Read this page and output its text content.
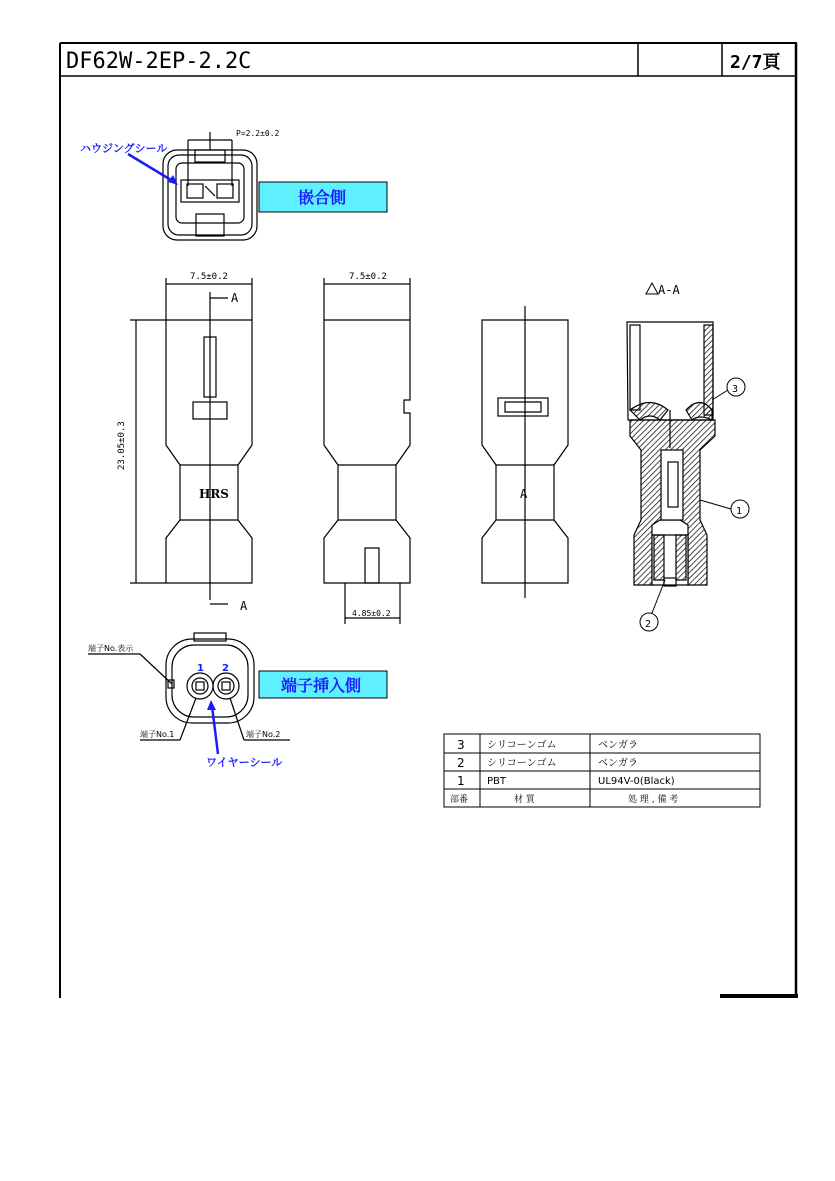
DF62W-2EP-2.2C	2/7頁
P=2.2±0.2
ハウジングシール
嵌合側
7.5±0.2
23.05±0.3
A
A
HRS
7.5±0.2
4.85±0.2
A
A-A
3
1
2
1 2
端子No.表示
端子No.1	端子No.2
ワイヤーシール
端子挿入側
3 シリコーンゴム	ベンガラ
2 シリコーンゴム	ベンガラ
1 PBT	UL94V-0(Black)
部番	材 質	処 理 , 備 考
